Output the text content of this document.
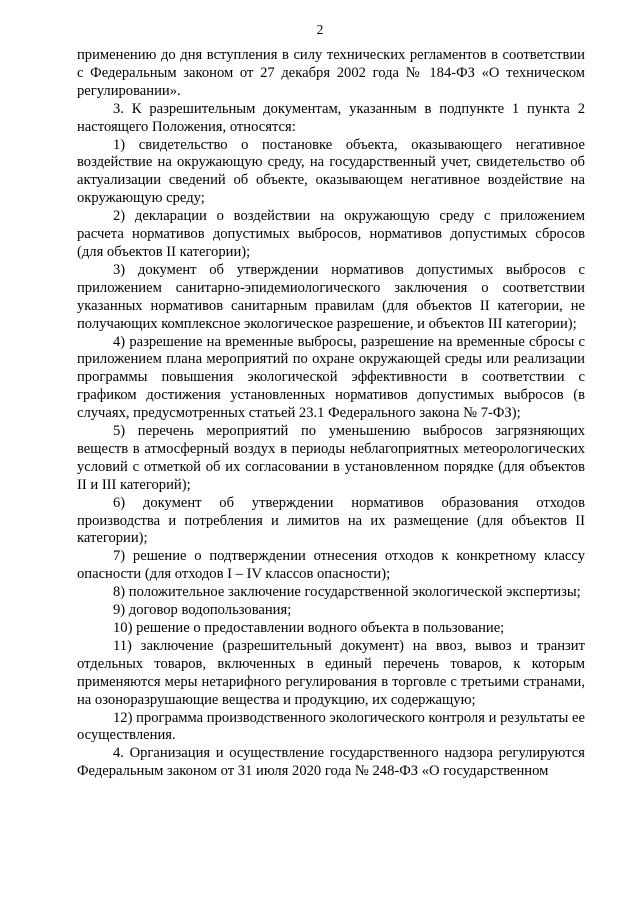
2

применению до дня вступления в силу технических регламентов в соответствии с Федеральным законом от 27 декабря 2002 года № 184-ФЗ «О техническом регулировании».

3. К разрешительным документам, указанным в подпункте 1 пункта 2 настоящего Положения, относятся:

1) свидетельство о постановке объекта, оказывающего негативное воздействие на окружающую среду, на государственный учет, свидетельство об актуализации сведений об объекте, оказывающем негативное воздействие на окружающую среду;

2) декларации о воздействии на окружающую среду с приложением расчета нормативов допустимых выбросов, нормативов допустимых сбросов (для объектов II категории);

3) документ об утверждении нормативов допустимых выбросов с приложением санитарно-эпидемиологического заключения о соответствии указанных нормативов санитарным правилам (для объектов II категории, не получающих комплексное экологическое разрешение, и объектов III категории);

4) разрешение на временные выбросы, разрешение на временные сбросы с приложением плана мероприятий по охране окружающей среды или реализации программы повышения экологической эффективности в соответствии с графиком достижения установленных нормативов допустимых выбросов (в случаях, предусмотренных статьей 23.1 Федерального закона № 7-ФЗ);

5) перечень мероприятий по уменьшению выбросов загрязняющих веществ в атмосферный воздух в периоды неблагоприятных метеорологических условий с отметкой об их согласовании в установленном порядке (для объектов II и III категорий);

6) документ об утверждении нормативов образования отходов производства и потребления и лимитов на их размещение (для объектов II категории);

7) решение о подтверждении отнесения отходов к конкретному классу опасности (для отходов I – IV классов опасности);

8) положительное заключение государственной экологической экспертизы;

9) договор водопользования;

10) решение о предоставлении водного объекта в пользование;

11) заключение (разрешительный документ) на ввоз, вывоз и транзит отдельных товаров, включенных в единый перечень товаров, к которым применяются меры нетарифного регулирования в торговле с третьими странами, на озоноразрушающие вещества и продукцию, их содержащую;

12) программа производственного экологического контроля и результаты ее осуществления.

4. Организация и осуществление государственного надзора регулируются Федеральным законом от 31 июля 2020 года № 248-ФЗ «О государственном
